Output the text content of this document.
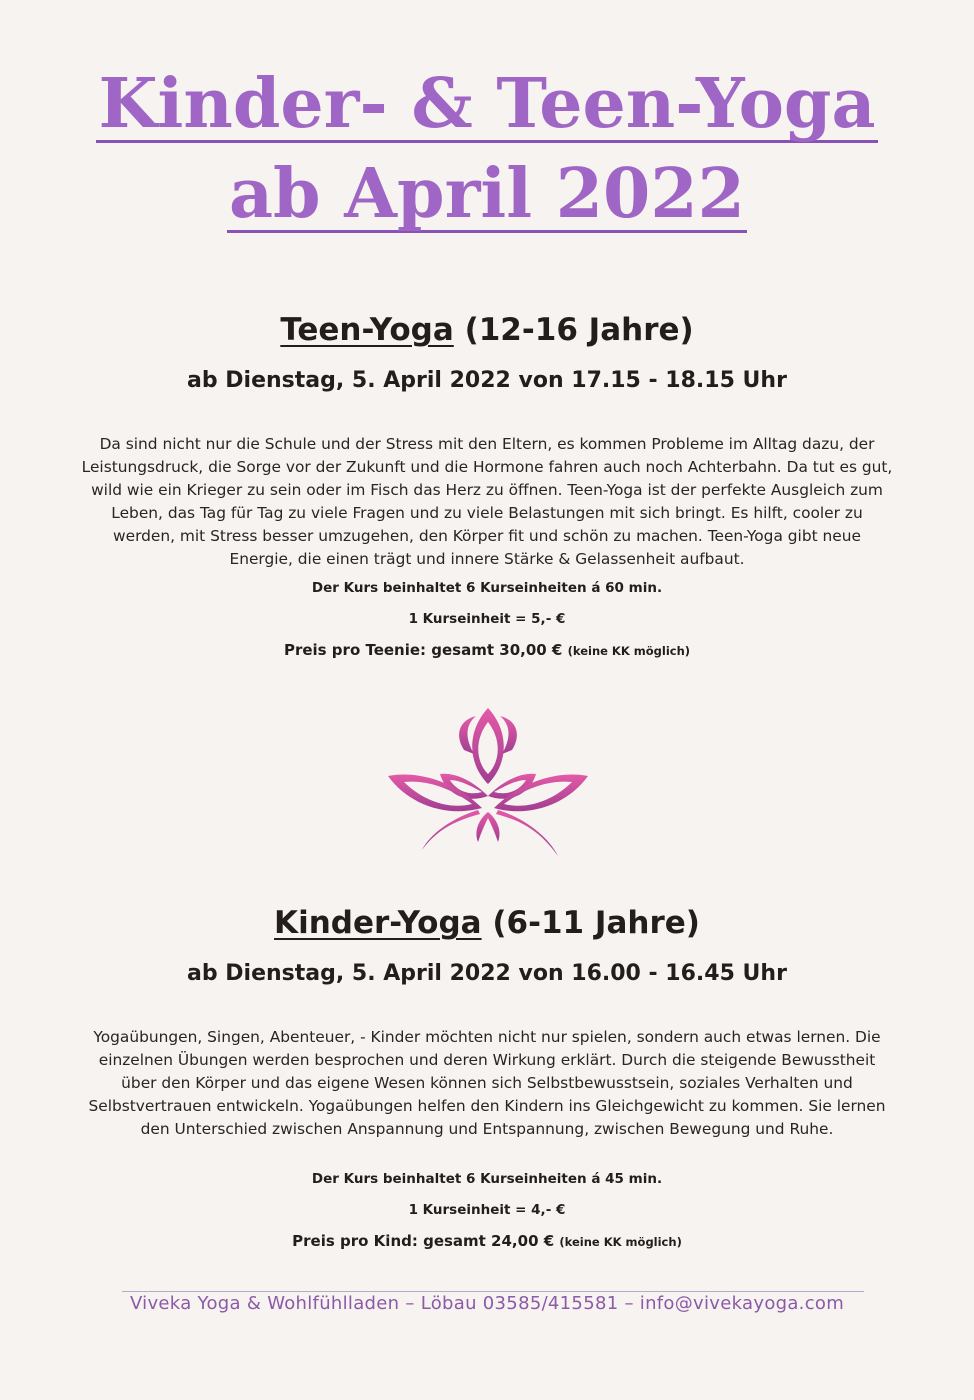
Kinder- & Teen-Yoga
ab April 2022
Teen-Yoga (12-16 Jahre)
ab Dienstag, 5. April 2022 von 17.15 - 18.15 Uhr
Da sind nicht nur die Schule und der Stress mit den Eltern, es kommen Probleme im Alltag dazu, der Leistungsdruck, die Sorge vor der Zukunft und die Hormone fahren auch noch Achterbahn. Da tut es gut, wild wie ein Krieger zu sein oder im Fisch das Herz zu öffnen. Teen-Yoga ist der perfekte Ausgleich zum Leben, das Tag für Tag zu viele Fragen und zu viele Belastungen mit sich bringt. Es hilft, cooler zu werden, mit Stress besser umzugehen, den Körper fit und schön zu machen. Teen-Yoga gibt neue Energie, die einen trägt und innere Stärke & Gelassenheit aufbaut.
Der Kurs beinhaltet 6 Kurseinheiten á 60 min.
1 Kurseinheit = 5,- €
Preis pro Teenie: gesamt 30,00 € (keine KK möglich)
Kinder-Yoga (6-11 Jahre)
ab Dienstag, 5. April 2022 von 16.00 - 16.45 Uhr
Yogaübungen, Singen, Abenteuer, - Kinder möchten nicht nur spielen, sondern auch etwas lernen. Die einzelnen Übungen werden besprochen und deren Wirkung erklärt. Durch die steigende Bewusstheit über den Körper und das eigene Wesen können sich Selbstbewusstsein, soziales Verhalten und Selbstvertrauen entwickeln. Yogaübungen helfen den Kindern ins Gleichgewicht zu kommen. Sie lernen den Unterschied zwischen Anspannung und Entspannung, zwischen Bewegung und Ruhe.
Der Kurs beinhaltet 6 Kurseinheiten á 45 min.
1 Kurseinheit = 4,- €
Preis pro Kind: gesamt 24,00 € (keine KK möglich)
Viveka Yoga & Wohlfühlladen – Löbau 03585/415581 – info@vivekayoga.com
